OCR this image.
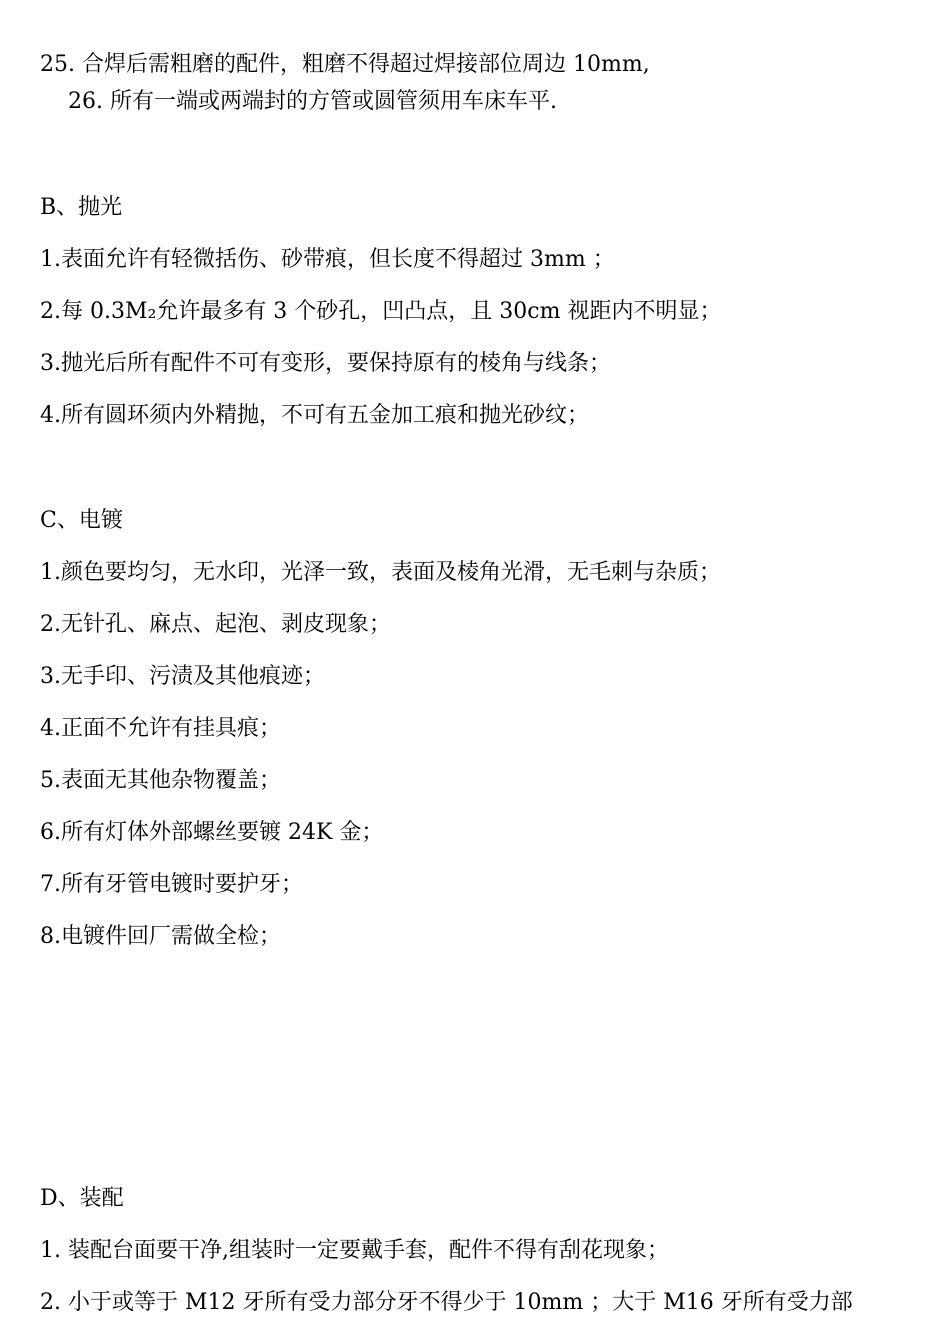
25. 合焊后需粗磨的配件，粗磨不得超过焊接部位周边 10mm,
26. 所有一端或两端封的方管或圆管须用车床车平.
B、抛光
1.表面允许有轻微括伤、砂带痕，但长度不得超过 3mm ；
2.每 0.3M₂允许最多有 3 个砂孔，凹凸点，且 30cm 视距内不明显；
3.抛光后所有配件不可有变形，要保持原有的棱角与线条；
4.所有圆环须内外精抛，不可有五金加工痕和抛光砂纹；
C、电镀
1.颜色要均匀，无水印，光泽一致，表面及棱角光滑，无毛刺与杂质；
2.无针孔、麻点、起泡、剥皮现象；
3.无手印、污渍及其他痕迹；
4.正面不允许有挂具痕；
5.表面无其他杂物覆盖；
6.所有灯体外部螺丝要镀 24K 金；
7.所有牙管电镀时要护牙；
8.电镀件回厂需做全检；
D、装配
1. 装配台面要干净,组装时一定要戴手套，配件不得有刮花现象；
2. 小于或等于 M12 牙所有受力部分牙不得少于 10mm ；大于 M16 牙所有受力部
